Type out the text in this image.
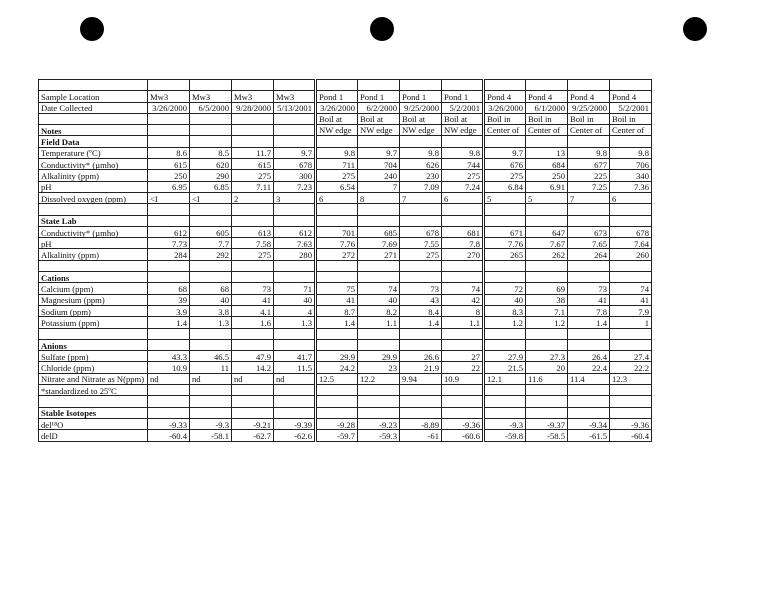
Sample Location	Mw3	Mw3	Mw3	Mw3	Pond 1	Pond 1	Pond 1	Pond 1	Pond 4	Pond 4	Pond 4	Pond 4
Date Collected	3/26/2000	6/5/2000	9/28/2000	5/13/2001	3/26/2000	6/2/2000	9/25/2000	5/2/2001	3/26/2000	6/1/2000	9/25/2000	5/2/2001
					Boil at	Boil at	Boil at	Boil at	Boil in	Boil in	Boil in	Boil in
Notes					NW edge	NW edge	NW edge	NW edge	Center of	Center of	Center of	Center of
Field Data												
Temperature (ºC)	8.6	8.5	11.7	9.7	9.8	9.7	9.8	9.8	9.7	13	9.8	9.8
Conductivity* (µmho)	615	620	615	678	711	704	626	744	676	684	677	706
Alkalinity (ppm)	250	290	275	300	275	240	230	275	275	250	225	340
pH	6.95	6.85	7.11	7.23	6.54	7	7.09	7.24	6.84	6.91	7.25	7.36
Dissolved oxygen (ppm)	<I	<I	2	3	6	8	7	6	5	5	7	6

State Lab												
Conductivity* (µmho)	612	605	613	612	701	685	678	681	671	647	673	678
pH	7.73	7.7	7.58	7.63	7.76	7.69	7.55	7.8	7.76	7.67	7.65	7.64
Alkalinity (ppm)	284	292	275	280	272	271	275	270	265	262	264	260

Cations												
Calcium (ppm)	68	68	73	71	75	74	73	74	72	69	73	74
Magnesium (ppm)	39	40	41	40	41	40	43	42	40	38	41	41
Sodium (ppm)	3.9	3.8	4.1	4	8.7	8.2	8.4	8	8.3	7.1	7.8	7.9
Potassium (ppm)	1.4	1.3	1.6	1.3	1.4	1.1	1.4	1.1	1.2	1.2	1.4	1

Anions												
Sulfate (ppm)	43.3	46.5	47.9	41.7	29.9	29.9	26.6	27	27.9	27.3	26.4	27.4
Chloride (ppm)	10.9	11	14.2	11.5	24.2	23	21.9	22	21.5	20	22.4	22.2
Nitrate and Nitrate as N(ppm)	nd	nd	nd	nd	12.5	12.2	9.94	10.9	12.1	11.6	11.4	12.3
*standardized to 25ºC												

Stable Isotopes												
del¹⁸O	-9.33	-9.3	-9.21	-9.39	-9.28	-9.23	-8.89	-9.36	-9.3	-9.37	-9.34	-9.36
delD	-60.4	-58.1	-62.7	-62.6	-59.7	-59.3	-61	-60.6	-59.8	-58.5	-61.5	-60.4
